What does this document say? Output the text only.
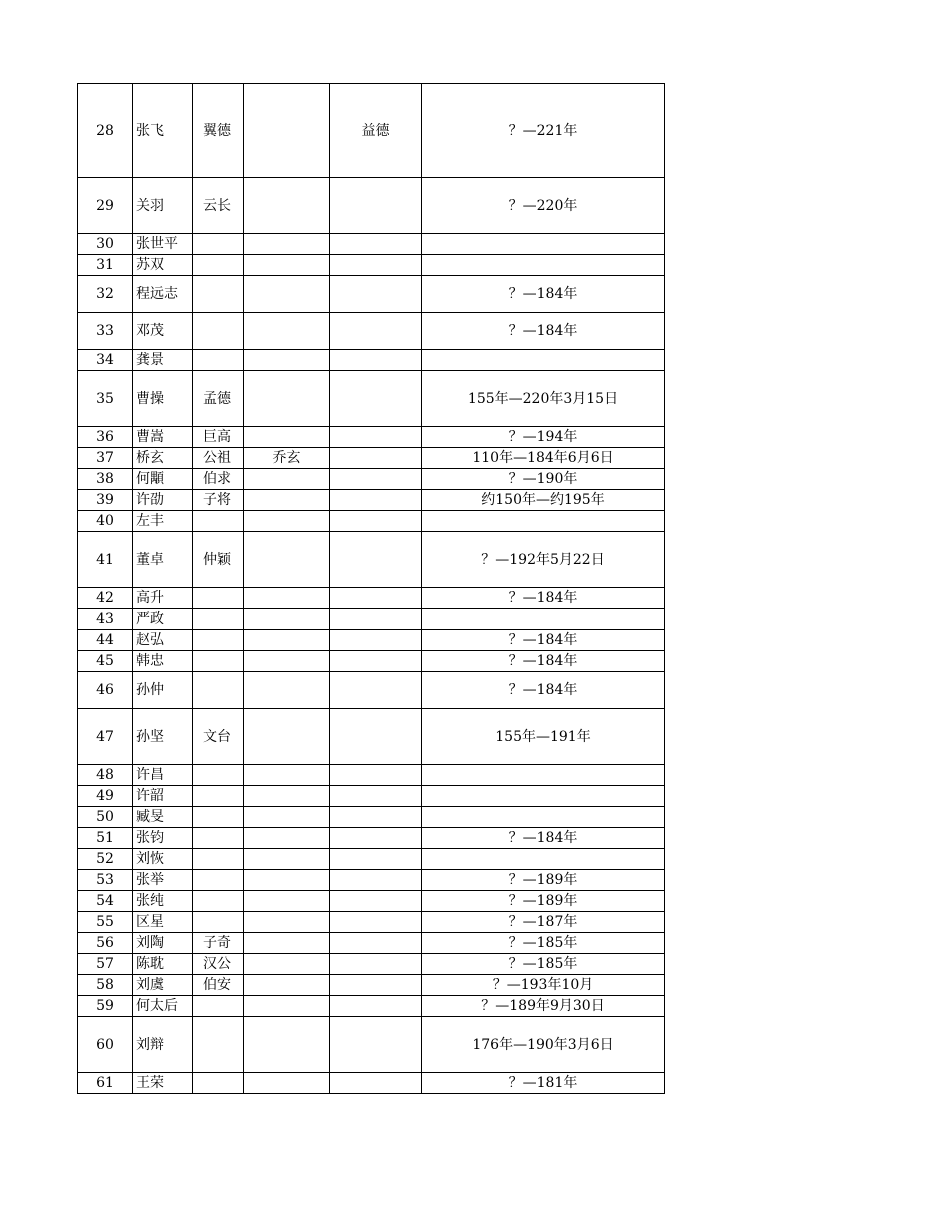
28	张飞	翼德		益德	？—221年
29	关羽	云长			？—220年
30	张世平				
31	苏双				
32	程远志				？—184年
33	邓茂				？—184年
34	龚景				
35	曹操	孟德			155年—220年3月15日
36	曹嵩	巨高			？—194年
37	桥玄	公祖	乔玄		110年—184年6月6日
38	何顒	伯求			？—190年
39	许劭	子将			约150年—约195年
40	左丰				
41	董卓	仲颖			？—192年5月22日
42	高升				？—184年
43	严政				
44	赵弘				？—184年
45	韩忠				？—184年
46	孙仲				？—184年
47	孙坚	文台			155年—191年
48	许昌				
49	许韶				
50	臧旻				
51	张钧				？—184年
52	刘恢				
53	张举				？—189年
54	张纯				？—189年
55	区星				？—187年
56	刘陶	子奇			？—185年
57	陈耽	汉公			？—185年
58	刘虞	伯安			？—193年10月
59	何太后				？—189年9月30日
60	刘辩				176年—190年3月6日
61	王荣				？—181年
